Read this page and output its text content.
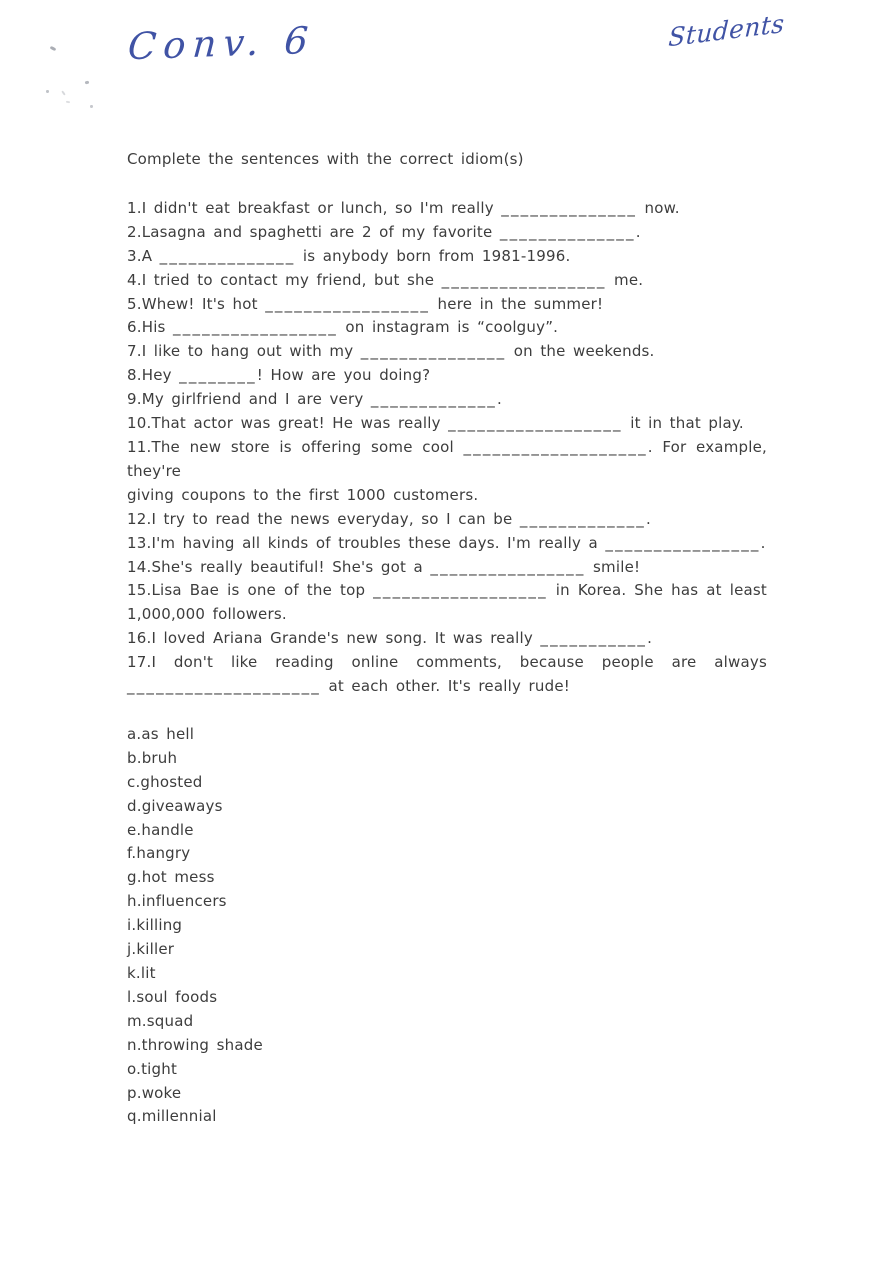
Conv. 6	Students
Complete the sentences with the correct idiom(s)
1.I didn't eat breakfast or lunch, so I'm really ______________ now.
2.Lasagna and spaghetti are 2 of my favorite ______________.
3.A ______________ is anybody born from 1981-1996.
4.I tried to contact my friend, but she _________________ me.
5.Whew! It's hot _________________ here in the summer!
6.His _________________ on instagram is “coolguy”.
7.I like to hang out with my _______________ on the weekends.
8.Hey ________! How are you doing?
9.My girlfriend and I are very _____________.
10.That actor was great! He was really __________________ it in that play.
11.The new store is offering some cool ___________________. For example, they're
giving coupons to the first 1000 customers.
12.I try to read the news everyday, so I can be _____________.
13.I'm having all kinds of troubles these days. I'm really a ________________.
14.She's really beautiful! She's got a ________________ smile!
15.Lisa Bae is one of the top __________________ in Korea. She has at least
1,000,000 followers.
16.I loved Ariana Grande's new song. It was really ___________.
17.I don't like reading online comments, because people are always
____________________ at each other. It's really rude!
a.as hell
b.bruh
c.ghosted
d.giveaways
e.handle
f.hangry
g.hot mess
h.influencers
i.killing
j.killer
k.lit
l.soul foods
m.squad
n.throwing shade
o.tight
p.woke
q.millennial
